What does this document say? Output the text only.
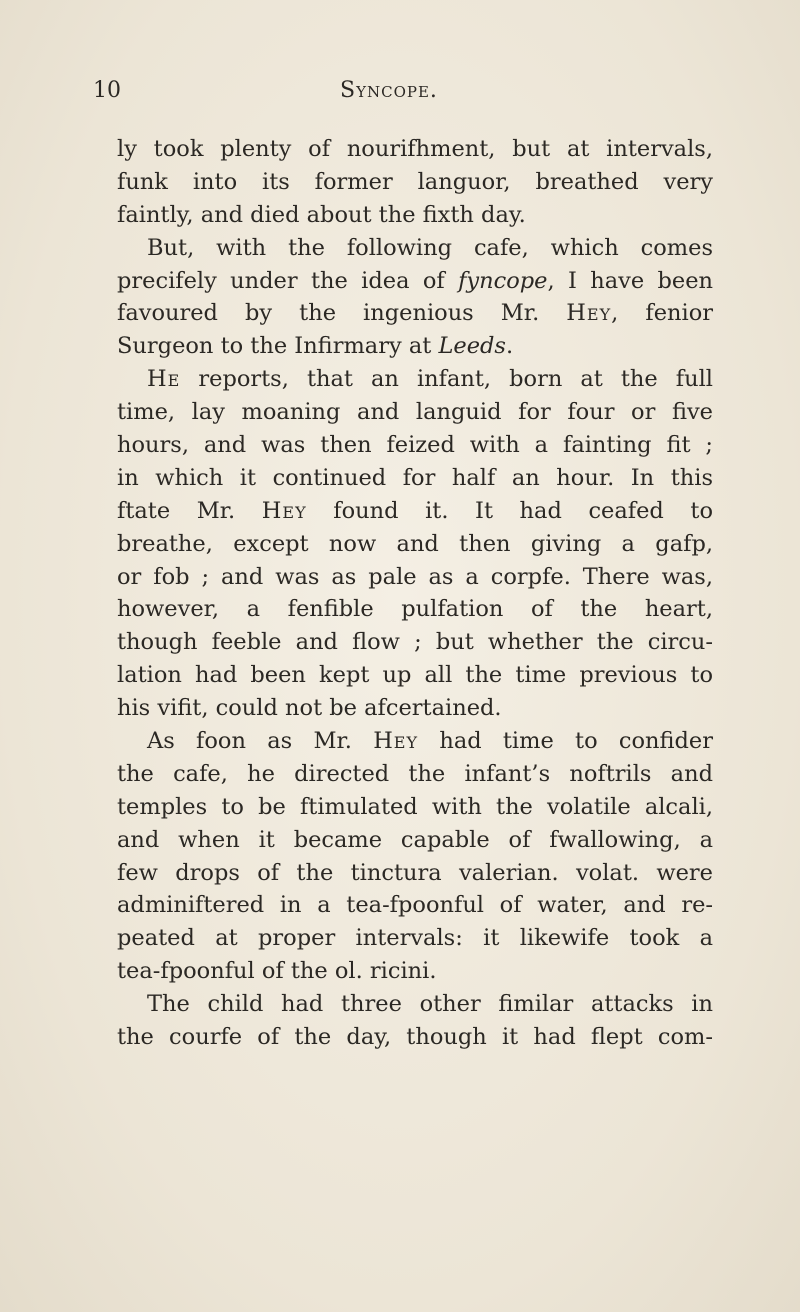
10	Syncope.
ly took plenty of nourifhment, but at intervals,
funk into its former languor, breathed very
faintly, and died about the fixth day.
But, with the following cafe, which comes
precifely under the idea of fyncope, I have been
favoured by the ingenious Mr. Hey, fenior
Surgeon to the Infirmary at Leeds.
He reports, that an infant, born at the full
time, lay moaning and languid for four or five
hours, and was then feized with a fainting fit ;
in which it continued for half an hour. In this
ftate Mr. Hey found it. It had ceafed to
breathe, except now and then giving a gafp,
or fob ; and was as pale as a corpfe. There was,
however, a fenfible pulfation of the heart,
though feeble and flow ; but whether the circu-
lation had been kept up all the time previous to
his vifit, could not be afcertained.
As foon as Mr. Hey had time to confider
the cafe, he directed the infant’s noftrils and
temples to be ftimulated with the volatile alcali,
and when it became capable of fwallowing, a
few drops of the tinctura valerian. volat. were
adminiftered in a tea-fpoonful of water, and re-
peated at proper intervals: it likewife took a
tea-fpoonful of the ol. ricini.
The child had three other fimilar attacks in
the courfe of the day, though it had flept com-
